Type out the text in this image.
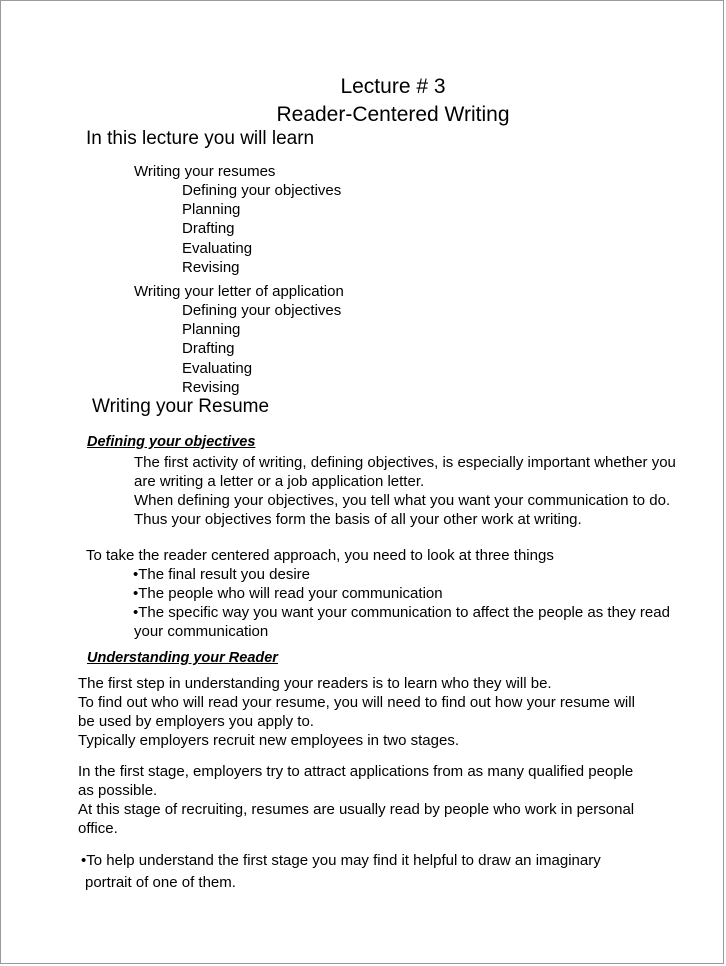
Lecture # 3
Reader-Centered Writing
In this lecture you will learn
Writing your resumes
Defining your objectives
Planning
Drafting
Evaluating
Revising
Writing your letter of application
Defining your objectives
Planning
Drafting
Evaluating
Revising
Writing your Resume
Defining your objectives

The first activity of writing, defining objectives, is especially important whether you

are writing a letter or a job application letter.

When defining your objectives, you tell what you want your communication to do.

Thus your objectives form the basis of all your other work at writing.

To take the reader centered approach, you need to look at three things
• The final result you desire
• The people who will read your communication
• The specific way you want your communication to affect the people as they read
your communication
Understanding your Reader

The first step in understanding your readers is to learn who they will be.

To find out who will read your resume, you will need to find out how your resume will

be used by employers you apply to.

Typically employers recruit new employees in two stages.

In the first stage, employers try to attract applications from as many qualified people

as possible.

At this stage of recruiting, resumes are usually read by people who work in personal

office.

•To help understand the first stage you may find it helpful to draw an imaginary
portrait of one of them.
